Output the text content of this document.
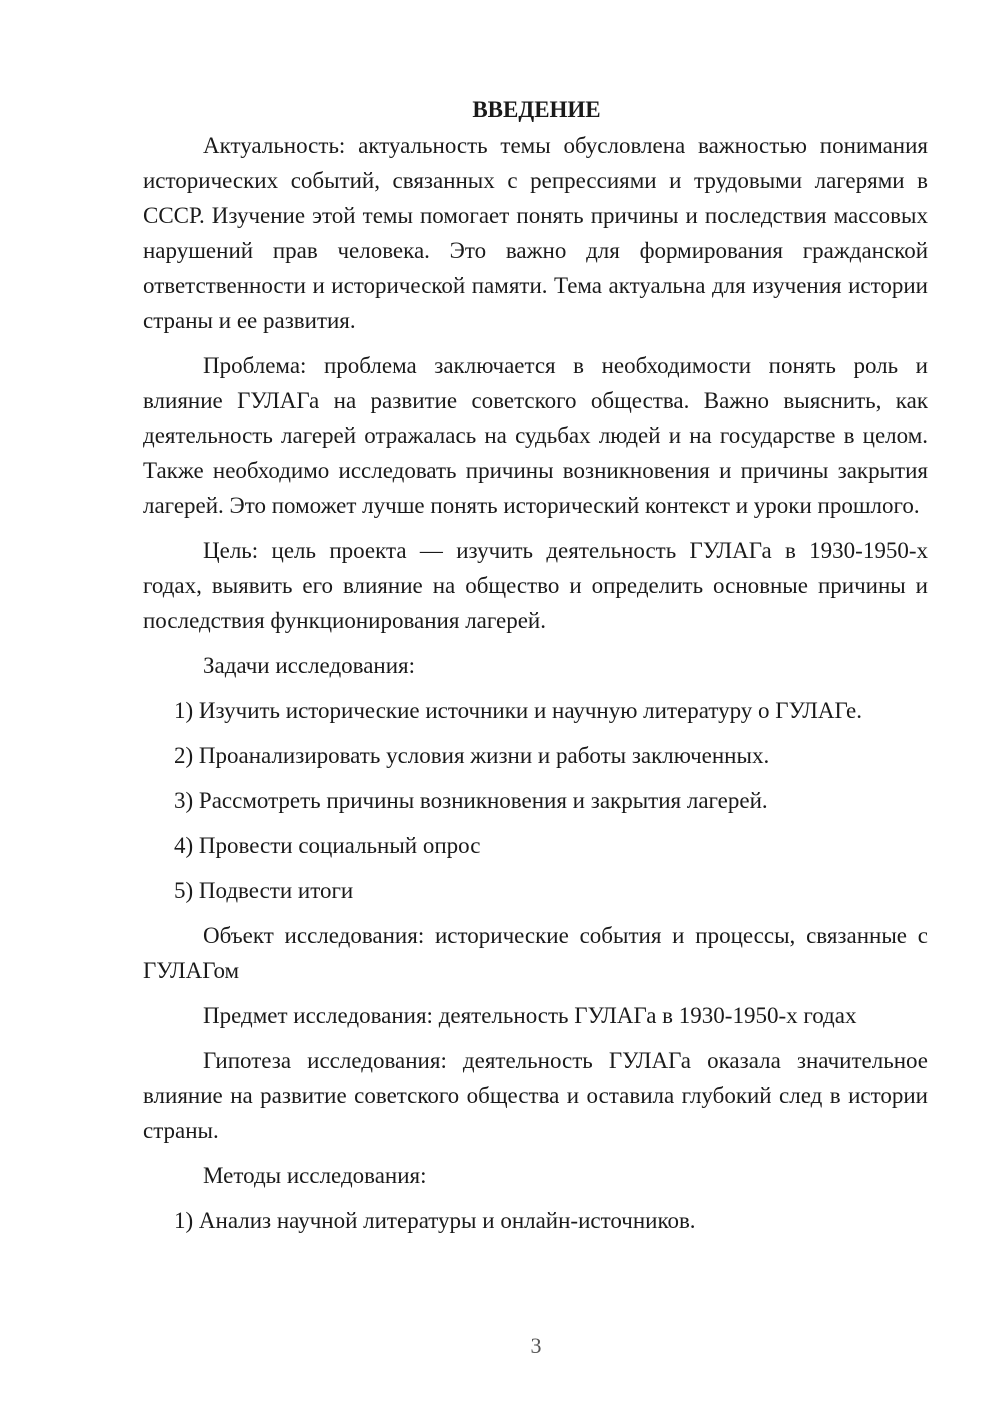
ВВЕДЕНИЕ

Актуальность: актуальность темы обусловлена важностью понимания исторических событий, связанных с репрессиями и трудовыми лагерями в СССР. Изучение этой темы помогает понять причины и последствия массовых нарушений прав человека. Это важно для формирования гражданской ответственности и исторической памяти. Тема актуальна для изучения истории страны и ее развития.

Проблема: проблема заключается в необходимости понять роль и влияние ГУЛАГа на развитие советского общества. Важно выяснить, как деятельность лагерей отражалась на судьбах людей и на государстве в целом. Также необходимо исследовать причины возникновения и причины закрытия лагерей. Это поможет лучше понять исторический контекст и уроки прошлого.

Цель: цель проекта — изучить деятельность ГУЛАГа в 1930-1950-х годах, выявить его влияние на общество и определить основные причины и последствия функционирования лагерей.

Задачи исследования:

1) Изучить исторические источники и научную литературу о ГУЛАГе.

2) Проанализировать условия жизни и работы заключенных.

3) Рассмотреть причины возникновения и закрытия лагерей.

4) Провести социальный опрос

5) Подвести итоги

Объект исследования: исторические события и процессы, связанные с ГУЛАГом

Предмет исследования: деятельность ГУЛАГа в 1930-1950-х годах

Гипотеза исследования: деятельность ГУЛАГа оказала значительное влияние на развитие советского общества и оставила глубокий след в истории страны.

Методы исследования:

1) Анализ научной литературы и онлайн-источников.

3
